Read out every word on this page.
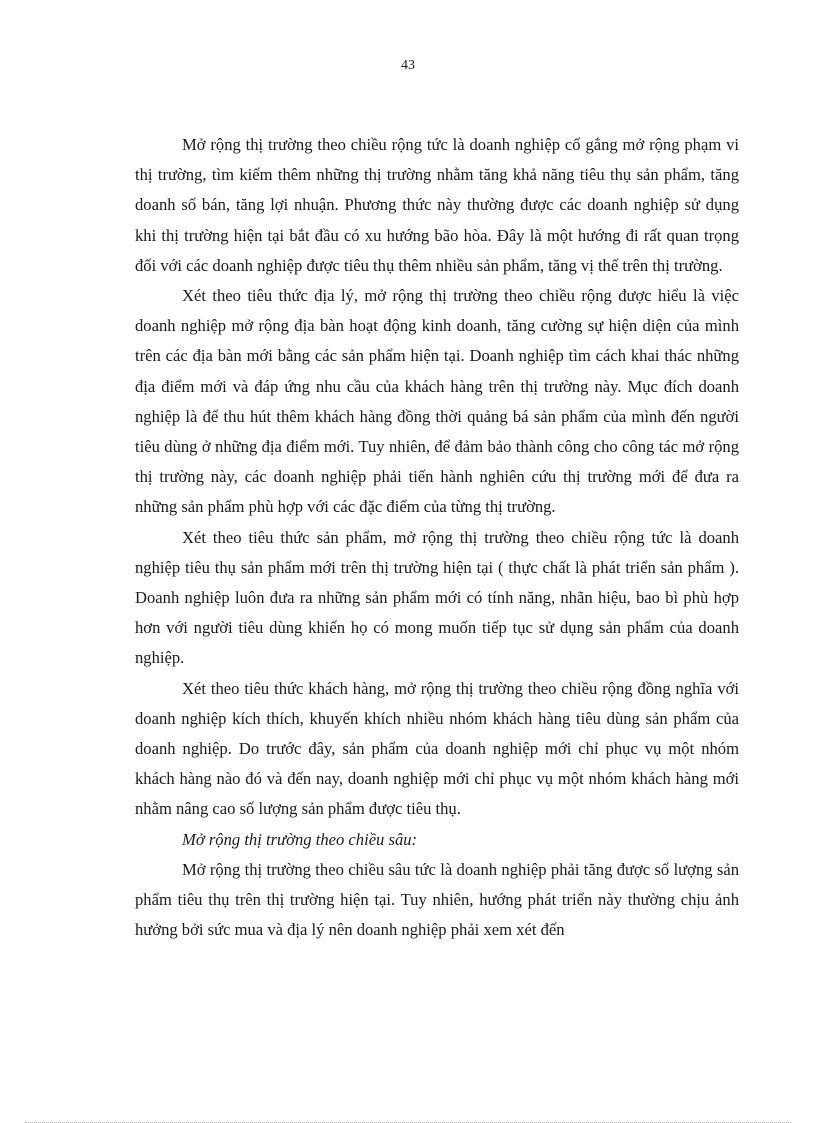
43

Mở rộng thị trường theo chiều rộng tức là doanh nghiệp cố gắng mở rộng phạm vi thị trường, tìm kiếm thêm những thị trường nhằm tăng khả năng tiêu thụ sản phẩm, tăng doanh số bán, tăng lợi nhuận. Phương thức này thường được các doanh nghiệp sử dụng khi thị trường hiện tại bắt đầu có xu hướng bão hòa. Đây là một hướng đi rất quan trọng đối với các doanh nghiệp được tiêu thụ thêm nhiều sản phẩm, tăng vị thế trên thị trường.

Xét theo tiêu thức địa lý, mở rộng thị trường theo chiều rộng được hiểu là việc doanh nghiệp mở rộng địa bàn hoạt động kinh doanh, tăng cường sự hiện diện của mình trên các địa bàn mới bằng các sản phẩm hiện tại. Doanh nghiệp tìm cách khai thác những địa điểm mới và đáp ứng nhu cầu của khách hàng trên thị trường này. Mục đích doanh nghiệp là để thu hút thêm khách hàng đồng thời quảng bá sản phẩm của mình đến người tiêu dùng ở những địa điểm mới. Tuy nhiên, để đảm bảo thành công cho công tác mở rộng thị trường này, các doanh nghiệp phải tiến hành nghiên cứu thị trường mới để đưa ra những sản phẩm phù hợp với các đặc điểm của từng thị trường.

Xét theo tiêu thức sản phẩm, mở rộng thị trường theo chiều rộng tức là doanh nghiệp tiêu thụ sản phẩm mới trên thị trường hiện tại ( thực chất là phát triển sản phẩm ). Doanh nghiệp luôn đưa ra những sản phẩm mới có tính năng, nhãn hiệu, bao bì phù hợp hơn với người tiêu dùng khiến họ có mong muốn tiếp tục sử dụng sản phẩm của doanh nghiệp.

Xét theo tiêu thức khách hàng, mở rộng thị trường theo chiều rộng đồng nghĩa với doanh nghiệp kích thích, khuyến khích nhiều nhóm khách hàng tiêu dùng sản phẩm của doanh nghiệp. Do trước đây, sản phẩm của doanh nghiệp mới chỉ phục vụ một nhóm khách hàng nào đó và đến nay, doanh nghiệp mới chỉ phục vụ một nhóm khách hàng mới nhằm nâng cao số lượng sản phẩm được tiêu thụ.

Mở rộng thị trường theo chiều sâu:

Mở rộng thị trường theo chiều sâu tức là doanh nghiệp phải tăng được số lượng sản phẩm tiêu thụ trên thị trường hiện tại. Tuy nhiên, hướng phát triển này thường chịu ảnh hưởng bởi sức mua và địa lý nên doanh nghiệp phải xem xét đến
